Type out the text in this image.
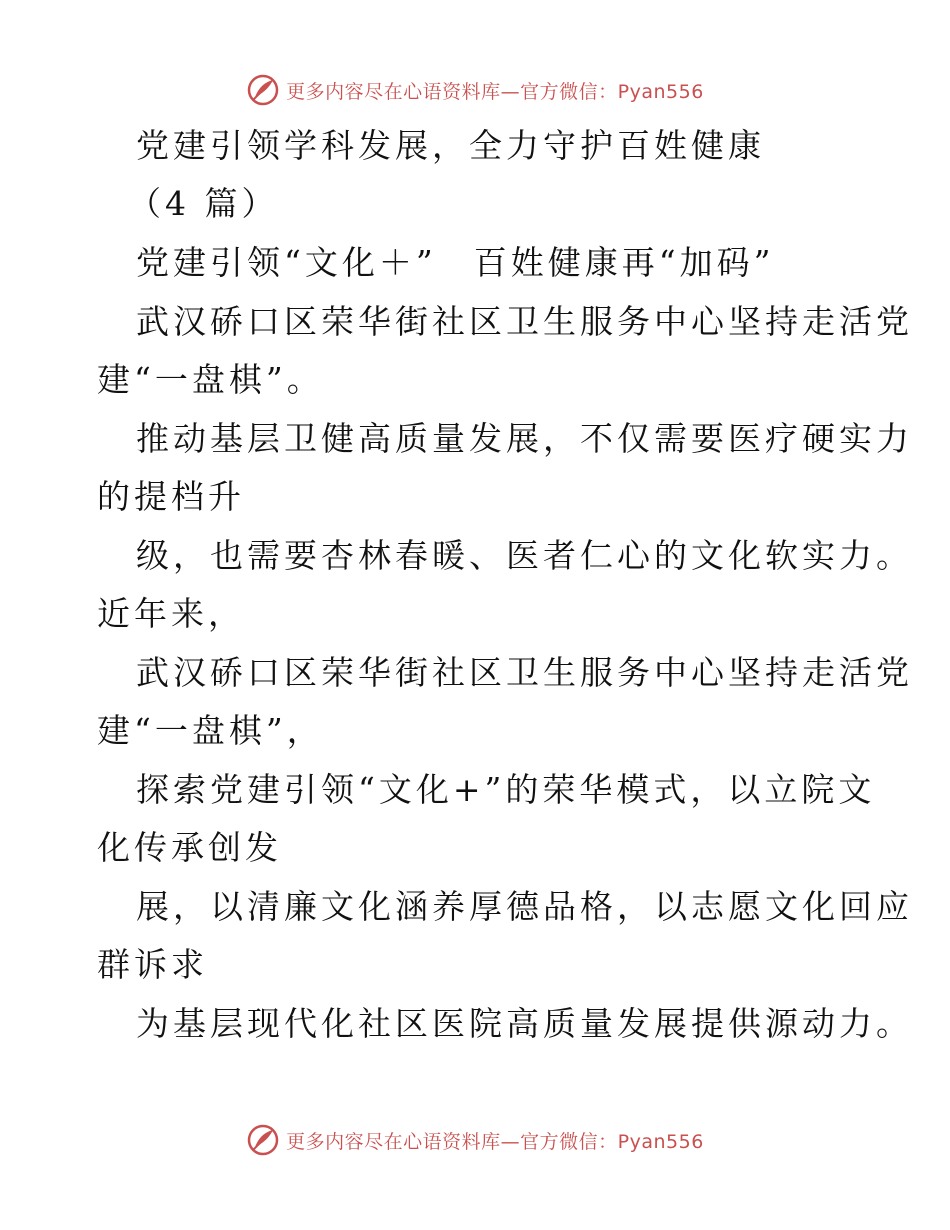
更多内容尽在心语资料库—官方微信：Pyan556
党建引领学科发展，全力守护百姓健康
（4 篇）
党建引领“文化＋”　百姓健康再“加码”
武汉硚口区荣华街社区卫生服务中心坚持走活党
建“一盘棋”。
推动基层卫健高质量发展，不仅需要医疗硬实力
的提档升
级，也需要杏林春暖、医者仁心的文化软实力。
近年来，
武汉硚口区荣华街社区卫生服务中心坚持走活党
建“一盘棋”，
探索党建引领“文化+”的荣华模式，以立院文
化传承创发
展，以清廉文化涵养厚德品格，以志愿文化回应
群诉求
为基层现代化社区医院高质量发展提供源动力。
更多内容尽在心语资料库—官方微信：Pyan556
